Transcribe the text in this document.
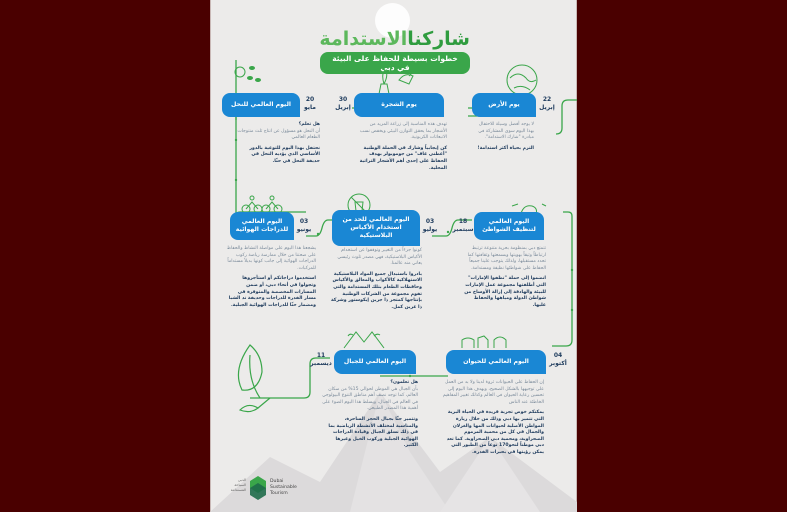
شاركناالاستدامة
خطوات بسيطة للحفاظ على البيئة في دبي
يوم الأرض
22
إبريل
لا يوجد أفضل وسيلة للاحتفال بهذا اليوم سوى المشاركة في مبادرة "شارك الاستدامة".
التزم بحياة أكثر استدامة!
يوم الشجرة
30
إبريل
تهدف هذه المناسبة إلى زراعة المزيد من الأشجار بما يحقق التوازن البيئي ويخفض نسب الانبعاثات الكربونية.
كن إيجابياً وشارك في الحملة الوطنية "أعطني غاف" من جوموبولز بهدف الحفاظ على إحدى أهم الأشجار التراثية المحلية.
اليوم العالمي للنحل
20
مايو
هل تعلم؟
أن النحل هو مسؤول عن انتاج ثلث منتوجات الطعام العالمي
نحتفل بهذا اليوم للتوعية بالدور الأساسي الذي يؤديه النحل في حديقة النحل في حتّا.
اليوم العالمي لتنظيف الشواطئ
18
سبتمبر
تتمتع دبي بمنظومة بحرية متنوعة ترتبط ارتباطاً وثيقاً بهويتها وبسمعتها وثقافتها كما تحدد مستقبلها، ولذلك يتوجب علينا جميعاً الحفاظ على شواطئها نظيفة ومستدامة.
انضموا إلى حملة "نظفوا الإمارات" التي أطلقتها مجموعة عمل الإمارات للبيئة والهادفة إلى إزالة الأوساخ من شواطئ الدولة ومياهها والحفاظ عليها.
اليوم العالمي للحد من استخدام الأكياس البلاستيكية
03
يوليو
كونوا جزءاً من التغيير وتوقفوا عن استخدام الأكياس البلاستيكية، فهي مصدر تلوث رئيسي يعاني منه عالمنا.
بادروا باستبدال جميع المواد البلاستيكية الاستهلاكية كالأكواب والمعالق والأكياس وحافظات الطعام بتلك المستدامة والتي تقوم مجموعة من الشركات الوطنية بإنتاجها كمتجر ذا جرين إيكوستور وشركة ذا غرين كمل.
اليوم العالمي للدراجات الهوائية
03
يونيو
يشجعنا هذا اليوم على مواصلة النشاط والحفاظ على صحتنا من خلال ممارسة رياضة ركوب الدراجات الهوائية إلى جانب كونها بديلاً مستداماً للمركبات.
استخدموا دراجاتكم أو استأجروها وتجولوا في أنحاء دبي، أو ضمن المسارات المخصصة والمتوفرة في مسار القدرة للدراجات وحديقة ند الشبا ومضمار حتّا للدراجات الهوائية الجبلية.
اليوم العالمي للحيوان
04
أكتوبر
إن الحفاظ على الحيوانات ثروة لدينا ولا بد من العمل على توجيهها بالشكل الصحيح، ويهدف هذا اليوم إلى تحسين رعاية الحيوان في العالم وكذلك تغيير المفاهيم الخاطئة عند الناس
يمكنكم خوض تجربة فريدة في الحياة البرية التي تتميز بها دبي وذلك من خلال زيارة المواطن الأصلية لحيوانات المها والغزلان والجمال في كل من محمية المرموم الصحراوية، ومحمية دبي الصحراوية. كما تعد دبي موطناً لنحو170 نوعاً من الطيور التي يمكن رؤيتها في بحيرات القدرة.
اليوم العالمي للجبال
11
ديسمبر
هل تعلمون؟
بأن الجبال هي الموطن لحوالي 15% من سكان العالم، كما توجد نصف أهم مناطق التنوع البيولوجي في العالم في الجبال، ويسلط هذا اليوم الضوء على أهمية هذا المصدر الطبيعي.
وتتميز حتّا بجبال الحجر الساحرة، والمناسبة لمختلف الأنشطة الرياضية بما في ذلك تسلق الجبال وقيادة الدراجات الهوائية الجبلية وركوب الخيل وغيرها الكثير.
الدبي
السياحة
المستدامة
Dubai
Sustainable
Tourism
